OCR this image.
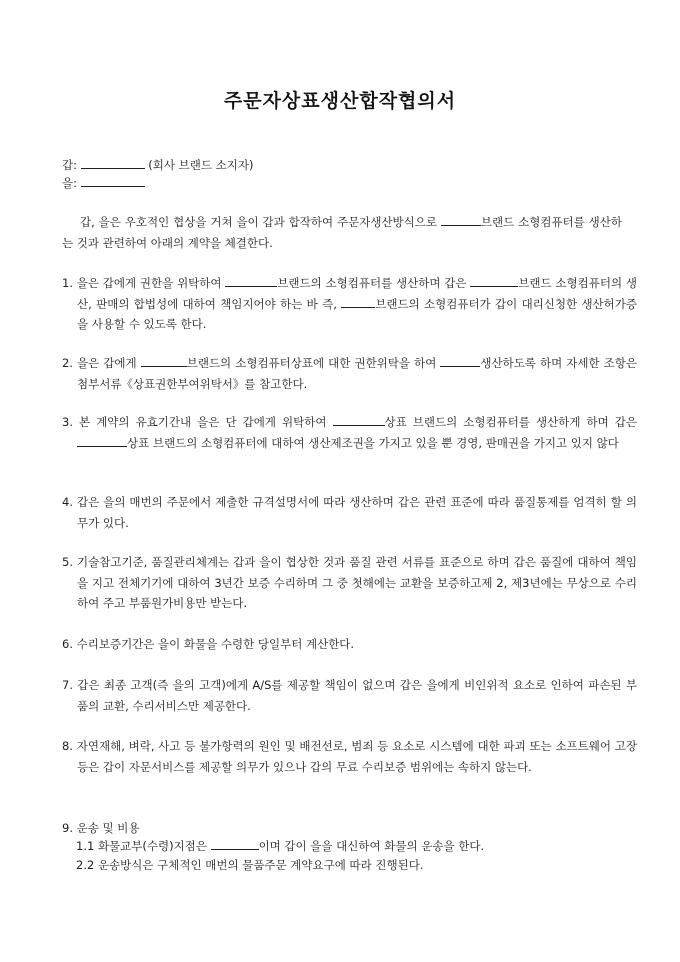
주문자상표생산합작협의서
갑:	(회사 브랜드 소지자)
을:
갑, 을은 우호적인 협상을 거쳐 을이 갑과 합작하여 주문자생산방식으로	브랜드 소형컴퓨터를 생산하는 것과 관련하여 아래의 계약을 체결한다.
1. 을은 갑에게 권한을 위탁하여	브랜드의 소형컴퓨터를 생산하며 갑은	브랜드 소형컴퓨터의 생산, 판매의 합법성에 대하여 책임지어야 하는 바 즉,	브랜드의 소형컴퓨터가 갑이 대리신청한 생산허가증을 사용할 수 있도록 한다.
2. 을은 갑에게	브랜드의 소형컴퓨터상표에 대한 권한위탁을 하여	생산하도록 하며 자세한 조항은 첨부서류《상표권한부여위탁서》를 참고한다.
3. 본 계약의 유효기간내 을은 단 갑에게 위탁하여	상표 브랜드의 소형컴퓨터를 생산하게 하며 갑은 상표 브랜드의 소형컴퓨터에 대하여 생산제조권을 가지고 있을 뿐 경영, 판매권을 가지고 있지 않다
4. 갑은 을의 매번의 주문에서 제출한 규격설명서에 따라 생산하며 갑은 관련 표준에 따라 품질통제를 엄격히 할 의무가 있다.
5. 기술참고기준, 품질관리체계는 갑과 을이 협상한 것과 품질 관련 서류를 표준으로 하며 갑은 품질에 대하여 책임을 지고 전체기기에 대하여 3년간 보증 수리하며 그 중 첫해에는 교환을 보증하고제 2, 제3년에는 무상으로 수리하여 주고 부품원가비용만 받는다.
6. 수리보증기간은 을이 화물을 수령한 당일부터 계산한다.
7. 갑은 최종 고객(즉 을의 고객)에게 A/S를 제공할 책임이 없으며 갑은 을에게 비인위적 요소로 인하여 파손된 부품의 교환, 수리서비스만 제공한다.
8. 자연재해, 벼락, 사고 등 불가항력의 원인 및 배전선로, 범죄 등 요소로 시스템에 대한 파괴 또는 소프트웨어 고장 등은 갑이 자문서비스를 제공할 의무가 있으나 갑의 무료 수리보증 범위에는 속하지 않는다.
9. 운송 및 비용
1.1 화물교부(수령)지점은	이며 갑이 을을 대신하여 화물의 운송을 한다.
2.2 운송방식은 구체적인 매번의 물품주문 계약요구에 따라 진행된다.
